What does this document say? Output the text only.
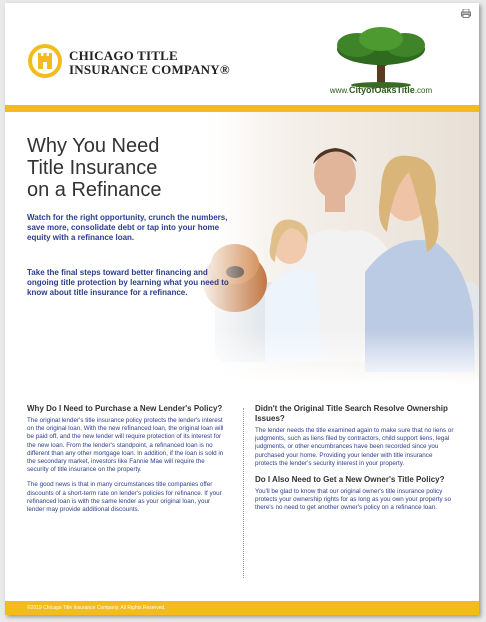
CHICAGO TITLE
INSURANCE COMPANY®
www.CityofOaksTitle.com
Why You Need
Title Insurance
on a Refinance

Watch for the right opportunity, crunch the numbers, save more, consolidate debt or tap into your home equity with a refinance loan.

Take the final steps toward better financing and ongoing title protection by learning what you need to know about title insurance for a refinance.

Why Do I Need to Purchase a New Lender's Policy?

The original lender's title insurance policy protects the lender's interest on the original loan. With the new refinanced loan, the original loan will be paid off, and the new lender will require protection of its interest for the new loan. From the lender's standpoint, a refinanced loan is no different than any other mortgage loan. In addition, if the loan is sold in the secondary market, investors like Fannie Mae will require the security of title insurance on the property.

The good news is that in many circumstances title companies offer discounts of a short-term rate on lender's policies for refinance. If your refinanced loan is with the same lender as your original loan, your lender may provide additional discounts.

Didn't the Original Title Search Resolve Ownership Issues?

The lender needs the title examined again to make sure that no liens or judgments, such as liens filed by contractors, child support liens, legal judgments, or other encumbrances have been recorded since you purchased your home. Providing your lender with title insurance protects the lender's security interest in your property.

Do I Also Need to Get a New Owner's Title Policy?

You'll be glad to know that our original owner's title insurance policy protects your ownership rights for as long as you own your property so there's no need to get another owner's policy on a refinance loan.

©2019 Chicago Title Insurance Company. All Rights Reserved.
